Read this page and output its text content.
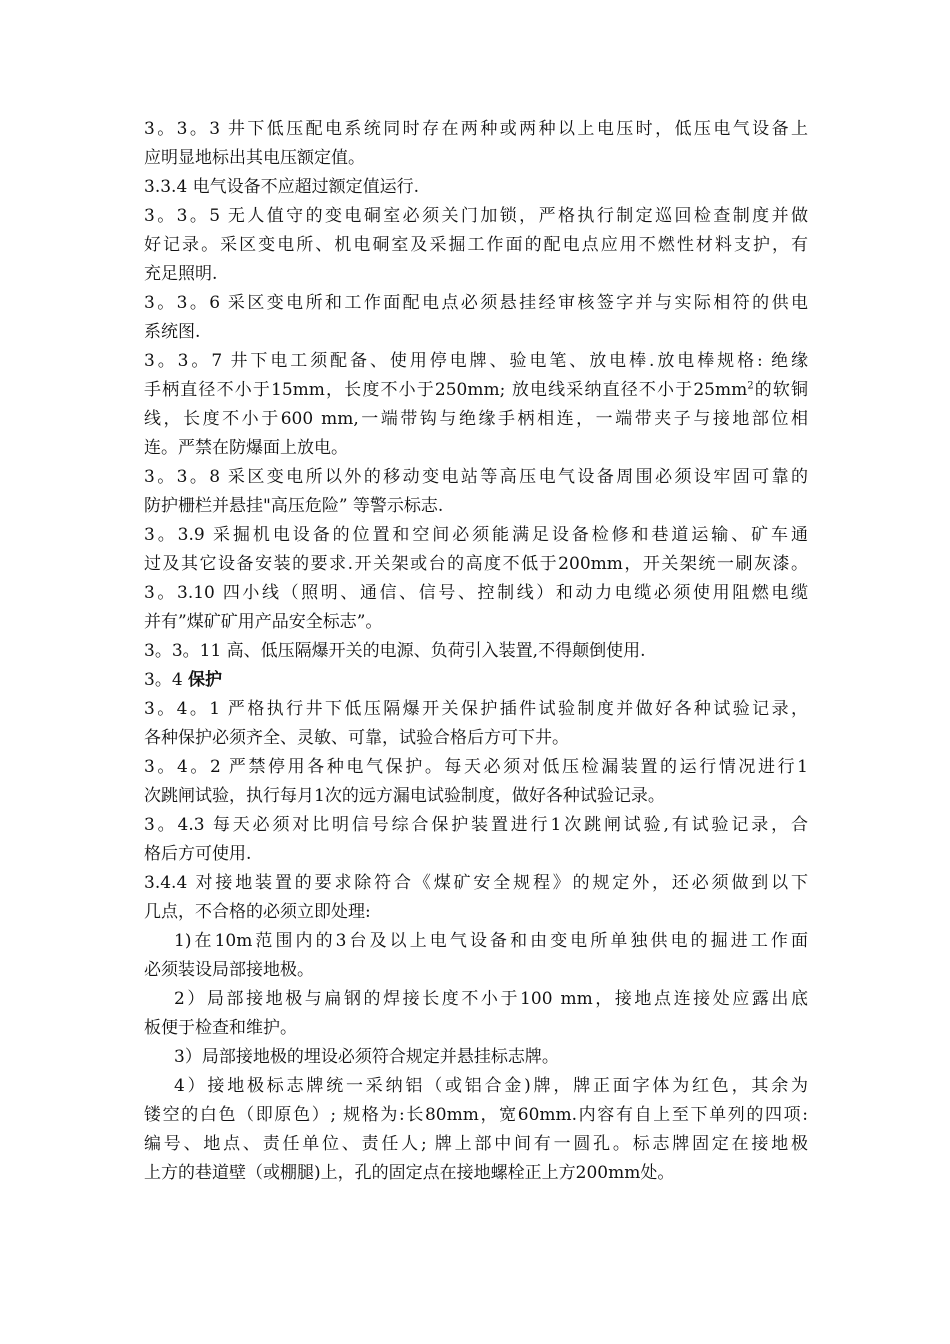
3。3。3 井下低压配电系统同时存在两种或两种以上电压时，低压电气设备上
应明显地标出其电压额定值。
3.3.4 电气设备不应超过额定值运行.
3。3。5 无人值守的变电硐室必须关门加锁，严格执行制定巡回检查制度并做
好记录。采区变电所、机电硐室及采掘工作面的配电点应用不燃性材料支护，有
充足照明.
3。3。6 采区变电所和工作面配电点必须悬挂经审核签字并与实际相符的供电
系统图.
3。3。7 井下电工须配备、使用停电牌、验电笔、放电棒.放电棒规格: 绝缘
手柄直径不小于15mm，长度不小于250mm; 放电线采纳直径不小于$25mm^2$的软铜
线，长度不小于600 mm,一端带钩与绝缘手柄相连，一端带夹子与接地部位相
连。严禁在防爆面上放电。
3。3。8 采区变电所以外的移动变电站等高压电气设备周围必须设牢固可靠的
防护栅栏并悬挂"高压危险” 等警示标志.
3。3.9 采掘机电设备的位置和空间必须能满足设备检修和巷道运输、矿车通
过及其它设备安装的要求.开关架或台的高度不低于200mm，开关架统一刷灰漆。
3。3.10 四小线（照明、通信、信号、控制线）和动力电缆必须使用阻燃电缆
并有”煤矿矿用产品安全标志”。
3。3。11 高、低压隔爆开关的电源、负荷引入装置,不得颠倒使用.
3。4 保护
3。4。1 严格执行井下低压隔爆开关保护插件试验制度并做好各种试验记录，
各种保护必须齐全、灵敏、可靠，试验合格后方可下井。
3。4。2 严禁停用各种电气保护。每天必须对低压检漏装置的运行情况进行1
次跳闸试验，执行每月1次的远方漏电试验制度，做好各种试验记录。
3。4.3 每天必须对比明信号综合保护装置进行1次跳闸试验,有试验记录，合
格后方可使用.
3.4.4 对接地装置的要求除符合《煤矿安全规程》的规定外，还必须做到以下
几点，不合格的必须立即处理:
1)在10m范围内的3台及以上电气设备和由变电所单独供电的掘进工作面
必须装设局部接地极。
2）局部接地极与扁钢的焊接长度不小于100 mm，接地点连接处应露出底
板便于检查和维护。
3）局部接地极的埋设必须符合规定并悬挂标志牌。
4）接地极标志牌统一采纳铝（或铝合金)牌，牌正面字体为红色，其余为
镂空的白色（即原色）; 规格为:长80mm，宽60mm.内容有自上至下单列的四项:
编号、地点、责任单位、责任人; 牌上部中间有一圆孔。标志牌固定在接地极
上方的巷道壁（或棚腿)上，孔的固定点在接地螺栓正上方200mm处。
